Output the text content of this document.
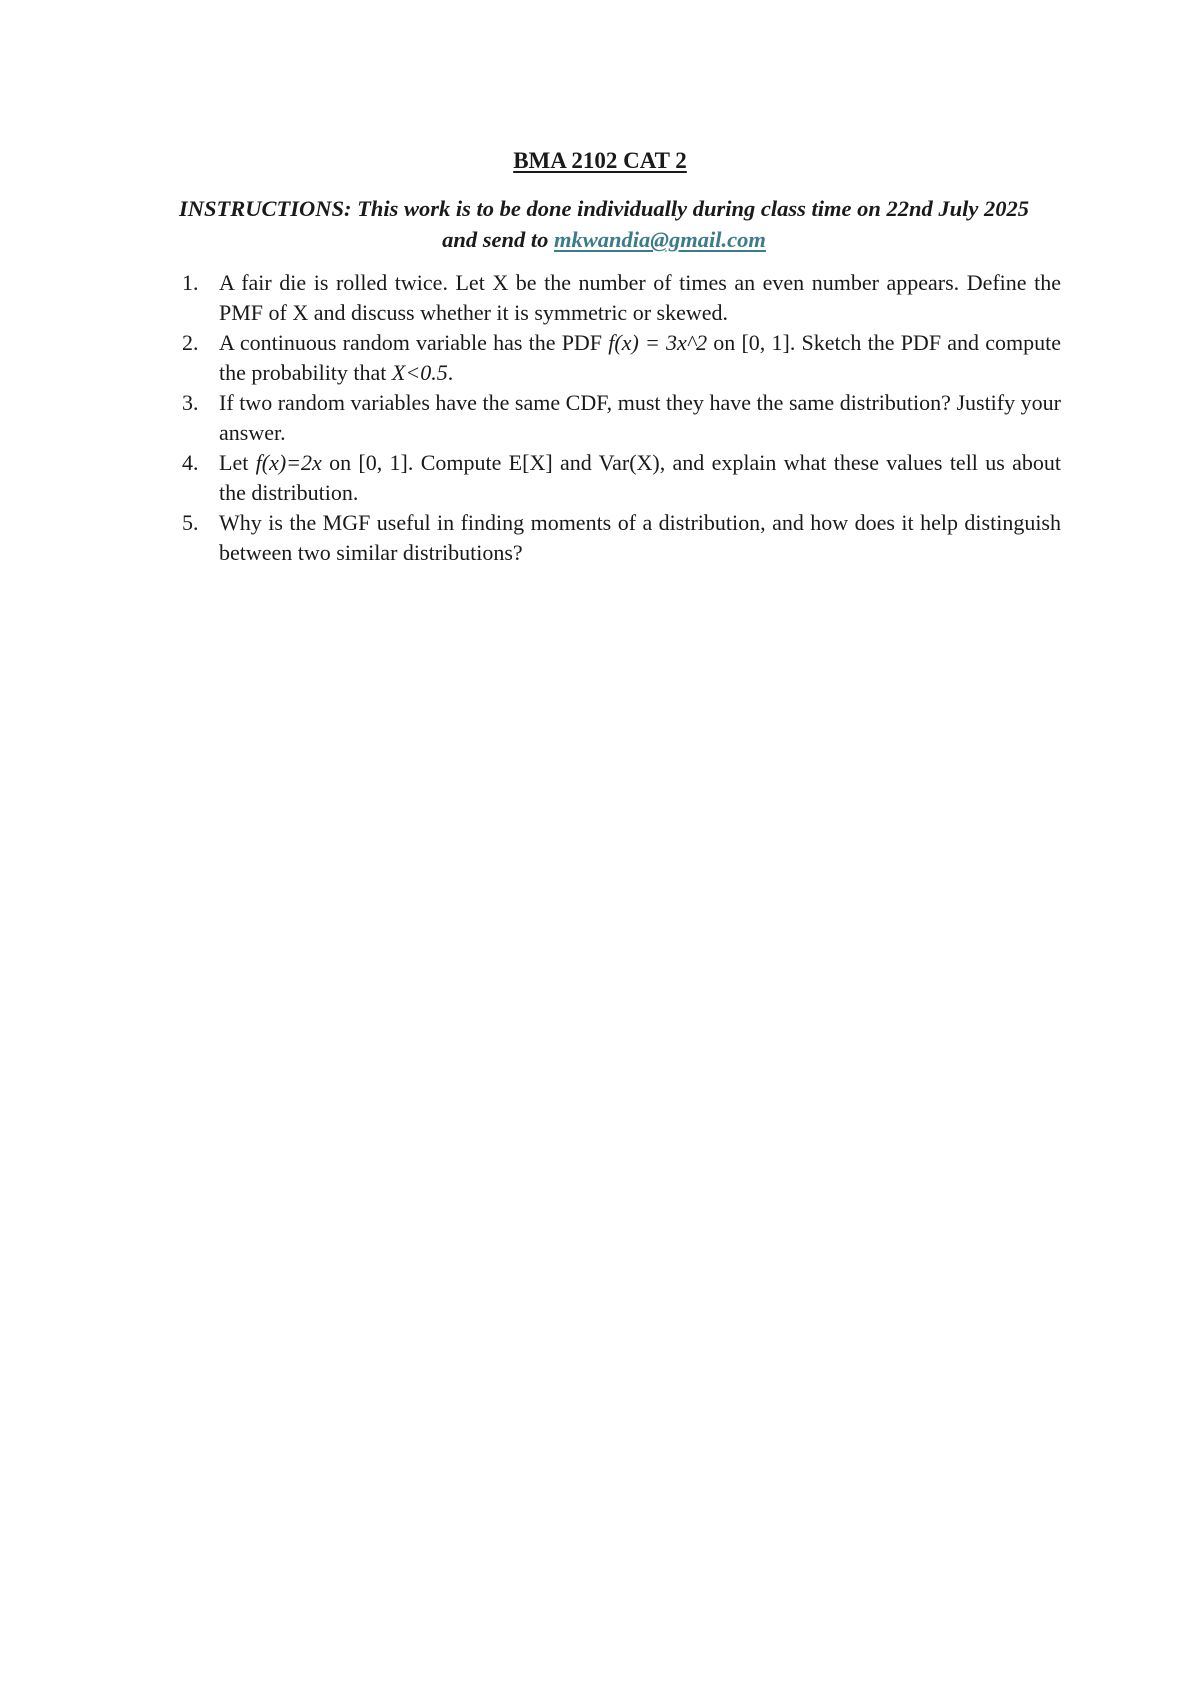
BMA 2102 CAT 2
INSTRUCTIONS: This work is to be done individually during class time on 22nd July 2025 and send to mkwandia@gmail.com
1. A fair die is rolled twice. Let X be the number of times an even number appears. Define the PMF of X and discuss whether it is symmetric or skewed.
2. A continuous random variable has the PDF f(x) = 3x^2 on [0, 1]. Sketch the PDF and compute the probability that X<0.5.
3. If two random variables have the same CDF, must they have the same distribution? Justify your answer.
4. Let f(x)=2x on [0, 1]. Compute E[X] and Var(X), and explain what these values tell us about the distribution.
5. Why is the MGF useful in finding moments of a distribution, and how does it help distinguish between two similar distributions?
